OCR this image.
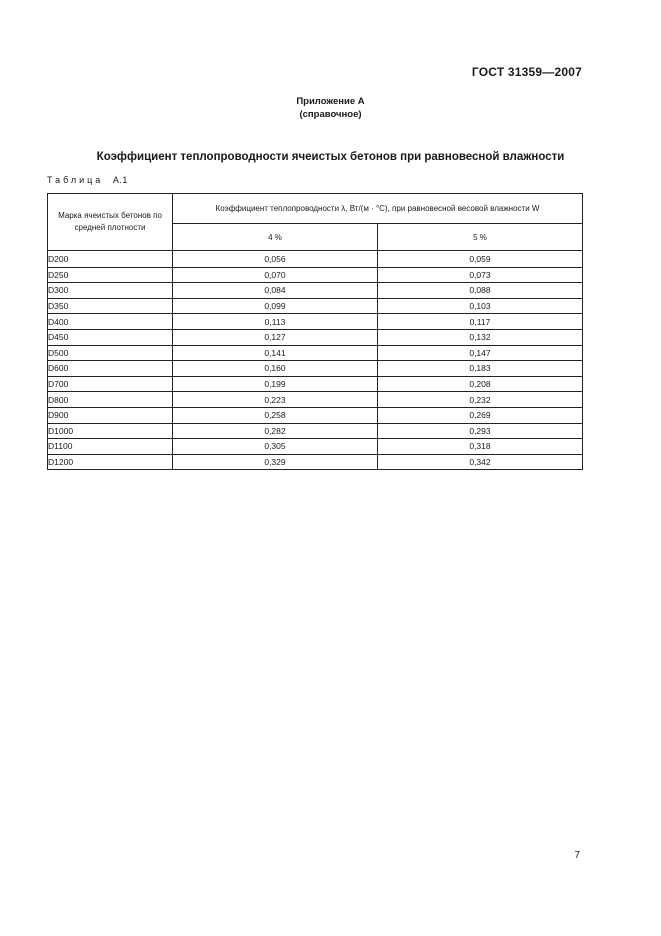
ГОСТ 31359—2007
Приложение А
(справочное)
Коэффициент теплопроводности ячеистых бетонов при равновесной влажности
Таблица А.1
Марка ячеистых бетонов по средней плотности	Коэффициент теплопроводности λ, Вт/(м · °С), при равновесной весовой влажности W	
	4 %	5 %
D200	0,056	0,059
D250	0,070	0,073
D300	0,084	0,088
D350	0,099	0,103
D400	0,113	0,117
D450	0,127	0,132
D500	0,141	0,147
D600	0,160	0,183
D700	0,199	0,208
D800	0,223	0,232
D900	0,258	0,269
D1000	0,282	0,293
D1100	0,305	0,318
D1200	0,329	0,342
7
